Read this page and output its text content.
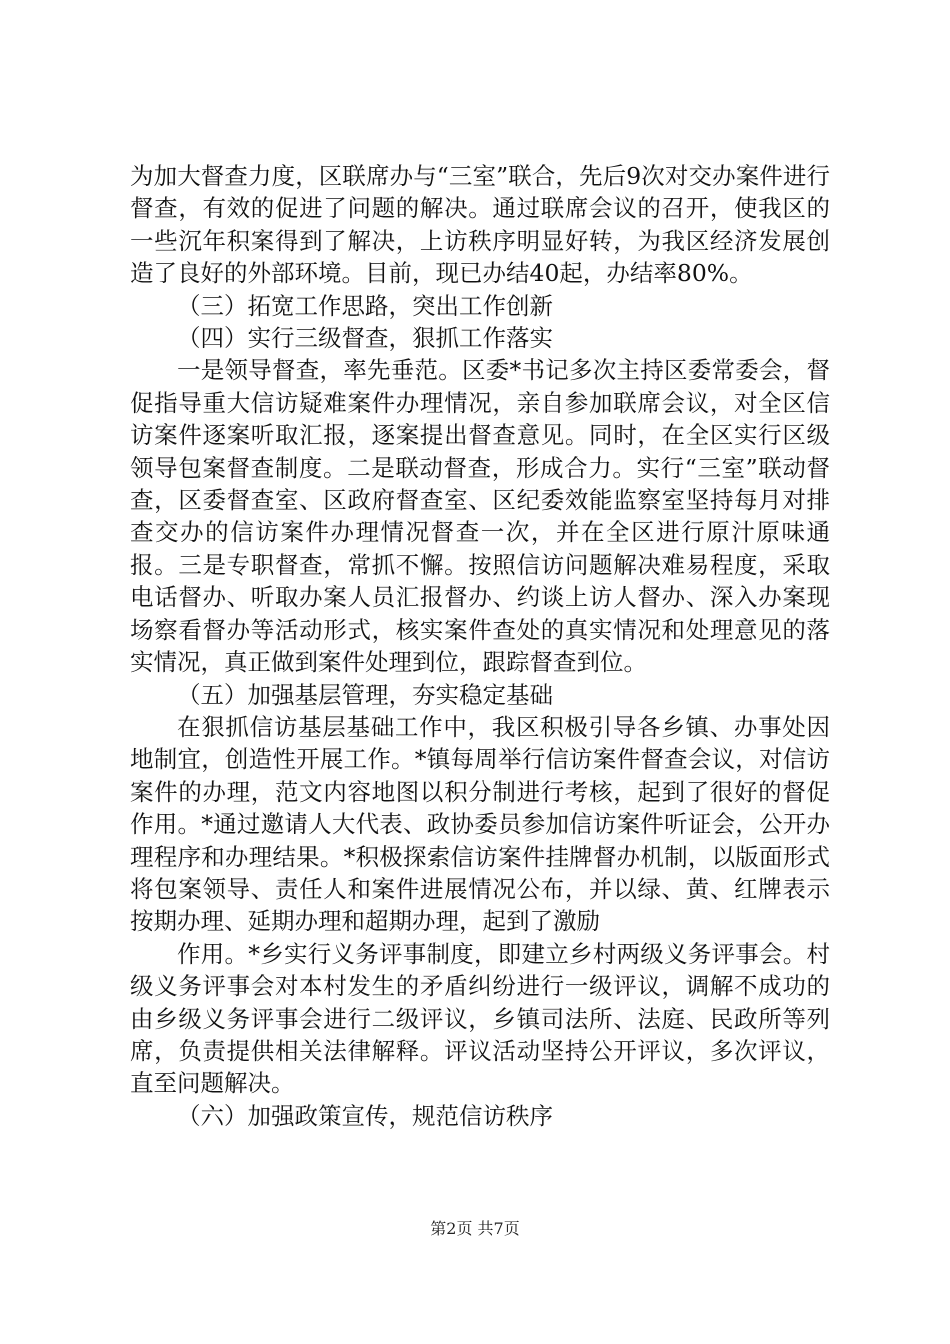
为加大督查力度，区联席办与“三室”联合，先后9次对交办案件进行督查，有效的促进了问题的解决。通过联席会议的召开，使我区的一些沉年积案得到了解决，上访秩序明显好转，为我区经济发展创造了良好的外部环境。目前，现已办结40起，办结率80%。

（三）拓宽工作思路，突出工作创新

（四）实行三级督查，狠抓工作落实

一是领导督查，率先垂范。区委*书记多次主持区委常委会，督促指导重大信访疑难案件办理情况，亲自参加联席会议，对全区信访案件逐案听取汇报，逐案提出督查意见。同时，在全区实行区级领导包案督查制度。二是联动督查，形成合力。实行“三室”联动督查，区委督查室、区政府督查室、区纪委效能监察室坚持每月对排查交办的信访案件办理情况督查一次，并在全区进行原汁原味通报。三是专职督查，常抓不懈。按照信访问题解决难易程度，采取电话督办、听取办案人员汇报督办、约谈上访人督办、深入办案现场察看督办等活动形式，核实案件查处的真实情况和处理意见的落实情况，真正做到案件处理到位，跟踪督查到位。

（五）加强基层管理，夯实稳定基础

在狠抓信访基层基础工作中，我区积极引导各乡镇、办事处因地制宜，创造性开展工作。*镇每周举行信访案件督查会议，对信访案件的办理，范文内容地图以积分制进行考核，起到了很好的督促作用。*通过邀请人大代表、政协委员参加信访案件听证会，公开办理程序和办理结果。*积极探索信访案件挂牌督办机制，以版面形式将包案领导、责任人和案件进展情况公布，并以绿、黄、红牌表示按期办理、延期办理和超期办理，起到了激励

作用。*乡实行义务评事制度，即建立乡村两级义务评事会。村级义务评事会对本村发生的矛盾纠纷进行一级评议，调解不成功的由乡级义务评事会进行二级评议，乡镇司法所、法庭、民政所等列席，负责提供相关法律解释。评议活动坚持公开评议，多次评议，直至问题解决。

（六）加强政策宣传，规范信访秩序

第2页 共7页
